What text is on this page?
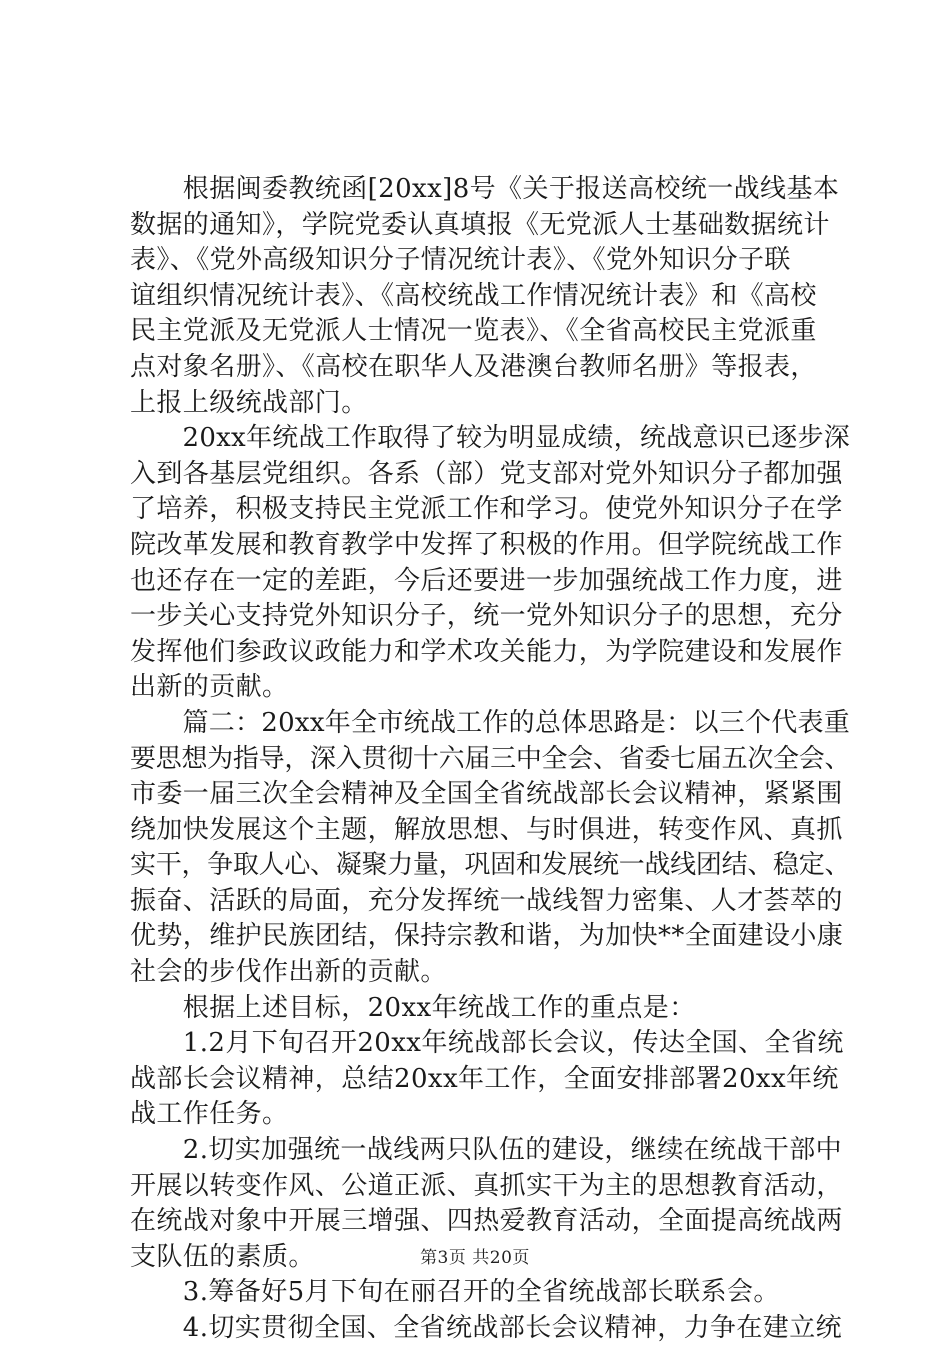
　　根据闽委教统函[20xx]8号《关于报送高校统一战线基本
数据的通知》，学院党委认真填报《无党派人士基础数据统计
表》、《党外高级知识分子情况统计表》、《党外知识分子联
谊组织情况统计表》、《高校统战工作情况统计表》和《高校
民主党派及无党派人士情况一览表》、《全省高校民主党派重
点对象名册》、《高校在职华人及港澳台教师名册》等报表，
上报上级统战部门。
　　20xx年统战工作取得了较为明显成绩，统战意识已逐步深
入到各基层党组织。各系（部）党支部对党外知识分子都加强
了培养，积极支持民主党派工作和学习。使党外知识分子在学
院改革发展和教育教学中发挥了积极的作用。但学院统战工作
也还存在一定的差距，今后还要进一步加强统战工作力度，进
一步关心支持党外知识分子，统一党外知识分子的思想，充分
发挥他们参政议政能力和学术攻关能力，为学院建设和发展作
出新的贡献。
　　篇二：20xx年全市统战工作的总体思路是：以三个代表重
要思想为指导，深入贯彻十六届三中全会、省委七届五次全会、
市委一届三次全会精神及全国全省统战部长会议精神，紧紧围
绕加快发展这个主题，解放思想、与时俱进，转变作风、真抓
实干，争取人心、凝聚力量，巩固和发展统一战线团结、稳定、
振奋、活跃的局面，充分发挥统一战线智力密集、人才荟萃的
优势，维护民族团结，保持宗教和谐，为加快**全面建设小康
社会的步伐作出新的贡献。
　　根据上述目标，20xx年统战工作的重点是：
　　1.2月下旬召开20xx年统战部长会议，传达全国、全省统
战部长会议精神，总结20xx年工作，全面安排部署20xx年统
战工作任务。
　　2.切实加强统一战线两只队伍的建设，继续在统战干部中
开展以转变作风、公道正派、真抓实干为主的思想教育活动，
在统战对象中开展三增强、四热爱教育活动，全面提高统战两
支队伍的素质。
　　3.筹备好5月下旬在丽召开的全省统战部长联系会。
　　4.切实贯彻全国、全省统战部长会议精神，力争在建立统
第3页 共20页
